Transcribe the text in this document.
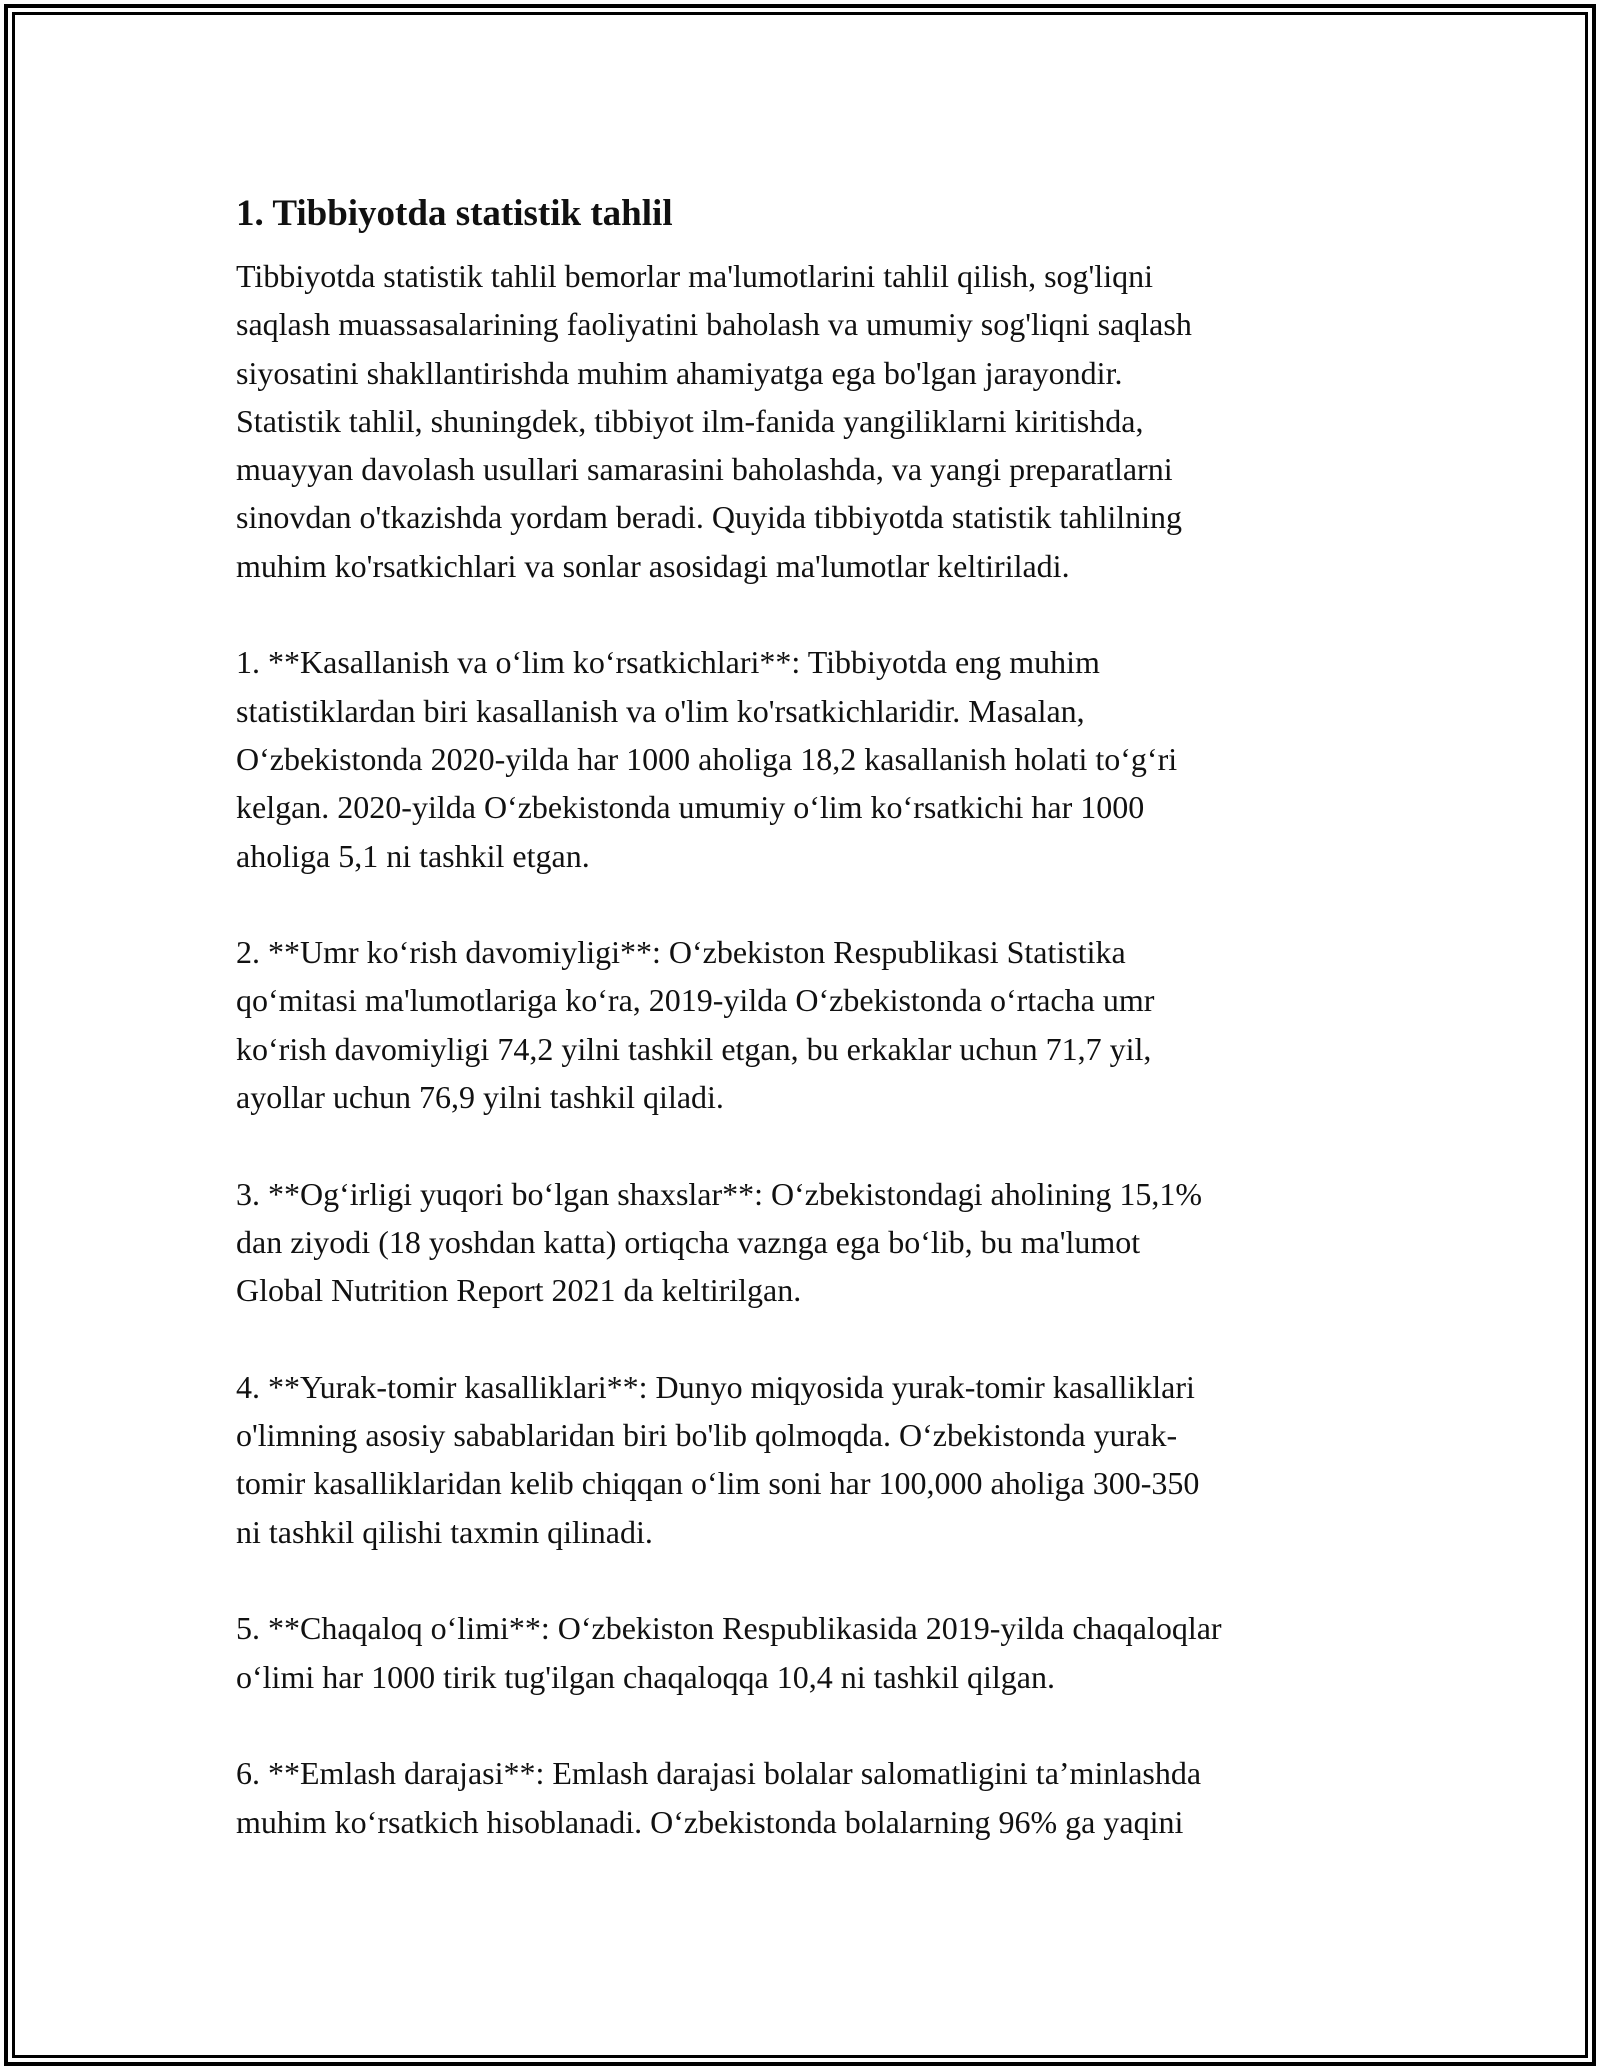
1. Tibbiyotda statistik tahlil
Tibbiyotda statistik tahlil bemorlar ma'lumotlarini tahlil qilish, sog'liqni
saqlash muassasalarining faoliyatini baholash va umumiy sog'liqni saqlash
siyosatini shakllantirishda muhim ahamiyatga ega bo'lgan jarayondir.
Statistik tahlil, shuningdek, tibbiyot ilm-fanida yangiliklarni kiritishda,
muayyan davolash usullari samarasini baholashda, va yangi preparatlarni
sinovdan o'tkazishda yordam beradi. Quyida tibbiyotda statistik tahlilning
muhim ko'rsatkichlari va sonlar asosidagi ma'lumotlar keltiriladi.
1. **Kasallanish va o‘lim ko‘rsatkichlari**: Tibbiyotda eng muhim
statistiklardan biri kasallanish va o'lim ko'rsatkichlaridir. Masalan,
O‘zbekistonda 2020-yilda har 1000 aholiga 18,2 kasallanish holati to‘g‘ri
kelgan. 2020-yilda O‘zbekistonda umumiy o‘lim ko‘rsatkichi har 1000
aholiga 5,1 ni tashkil etgan.
2. **Umr ko‘rish davomiyligi**: O‘zbekiston Respublikasi Statistika
qo‘mitasi ma'lumotlariga ko‘ra, 2019-yilda O‘zbekistonda o‘rtacha umr
ko‘rish davomiyligi 74,2 yilni tashkil etgan, bu erkaklar uchun 71,7 yil,
ayollar uchun 76,9 yilni tashkil qiladi.
3. **Og‘irligi yuqori bo‘lgan shaxslar**: O‘zbekistondagi aholining 15,1%
dan ziyodi (18 yoshdan katta) ortiqcha vaznga ega bo‘lib, bu ma'lumot
Global Nutrition Report 2021 da keltirilgan.
4. **Yurak-tomir kasalliklari**: Dunyo miqyosida yurak-tomir kasalliklari
o'limning asosiy sabablaridan biri bo'lib qolmoqda. O‘zbekistonda yurak-
tomir kasalliklaridan kelib chiqqan o‘lim soni har 100,000 aholiga 300-350
ni tashkil qilishi taxmin qilinadi.
5. **Chaqaloq o‘limi**: O‘zbekiston Respublikasida 2019-yilda chaqaloqlar
o‘limi har 1000 tirik tug'ilgan chaqaloqqa 10,4 ni tashkil qilgan.
6. **Emlash darajasi**: Emlash darajasi bolalar salomatligini ta’minlashda
muhim ko‘rsatkich hisoblanadi. O‘zbekistonda bolalarning 96% ga yaqini
